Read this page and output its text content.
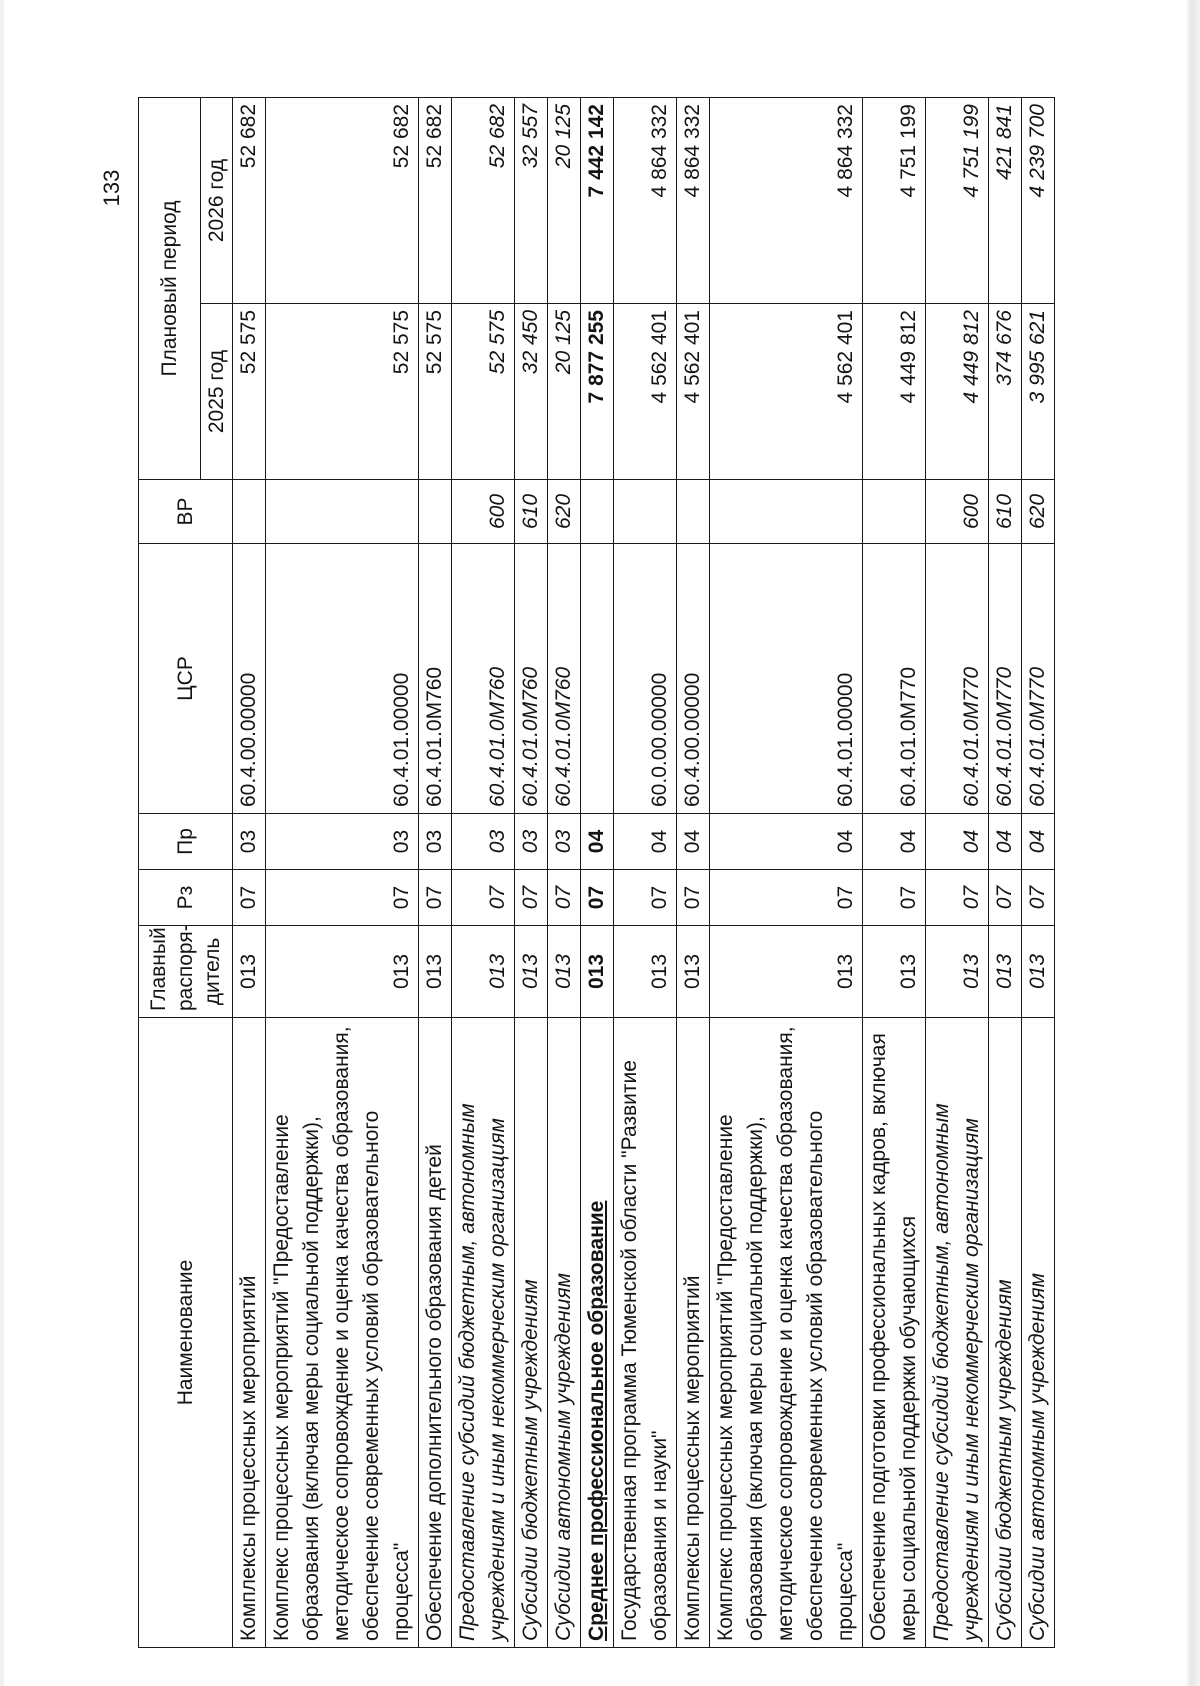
133
Наименование	Главный распоря-дитель	Рз	Пр	ЦСР	ВР	Плановый период	
						2025 год	2026 год
Комплексы процессных мероприятий	013	07	03	60.4.00.00000		52 575	52 682
Комплекс процессных мероприятий "Предоставление образования (включая меры социальной поддержки), методическое сопровождение и оценка качества образования, обеспечение современных условий образовательного процесса"	013	07	03	60.4.01.00000		52 575	52 682
Обеспечение дополнительного образования детей	013	07	03	60.4.01.0М760		52 575	52 682
Предоставление субсидий бюджетным, автономным учреждениям и иным некоммерческим организациям	013	07	03	60.4.01.0М760	600	52 575	52 682
Субсидии бюджетным учреждениям	013	07	03	60.4.01.0М760	610	32 450	32 557
Субсидии автономным учреждениям	013	07	03	60.4.01.0М760	620	20 125	20 125
Среднее профессиональное образование	013	07	04			7 877 255	7 442 142
Государственная программа Тюменской области "Развитие образования и науки"	013	07	04	60.0.00.00000		4 562 401	4 864 332
Комплексы процессных мероприятий	013	07	04	60.4.00.00000		4 562 401	4 864 332
Комплекс процессных мероприятий "Предоставление образования (включая меры социальной поддержки), методическое сопровождение и оценка качества образования, обеспечение современных условий образовательного процесса"	013	07	04	60.4.01.00000		4 562 401	4 864 332
Обеспечение подготовки профессиональных кадров, включая меры социальной поддержки обучающихся	013	07	04	60.4.01.0М770		4 449 812	4 751 199
Предоставление субсидий бюджетным, автономным учреждениям и иным некоммерческим организациям	013	07	04	60.4.01.0М770	600	4 449 812	4 751 199
Субсидии бюджетным учреждениям	013	07	04	60.4.01.0М770	610	374 676	421 841
Субсидии автономным учреждениям	013	07	04	60.4.01.0М770	620	3 995 621	4 239 700
